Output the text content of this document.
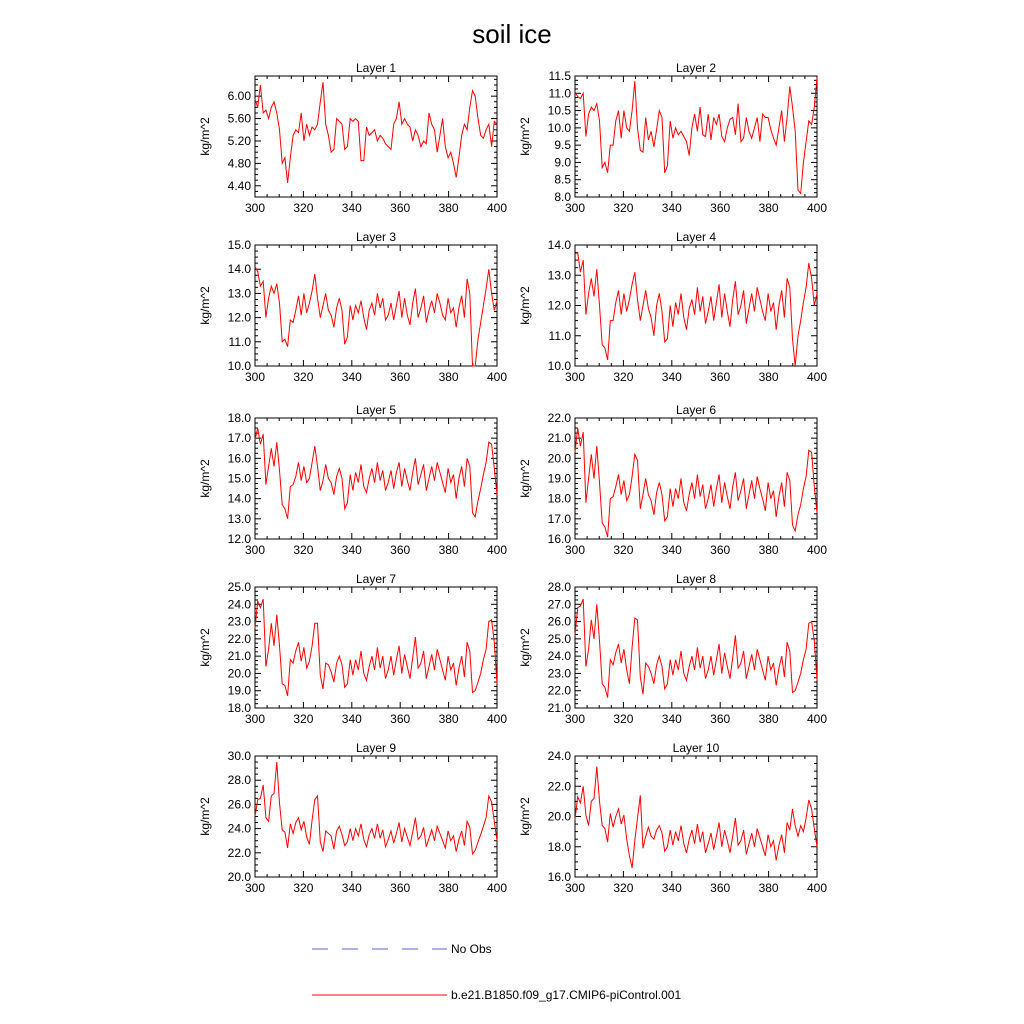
soil ice
Layer 1
300 320 340 360 380 400
4.40
4.80
5.20
5.60
6.00
kg/m^2
Layer 2
300 320 340 360 380 400
8.0
8.5
9.0
9.5
10.0
10.5
11.0
11.5
kg/m^2
Layer 3
300 320 340 360 380 400
10.0
11.0
12.0
13.0
14.0
15.0
kg/m^2
Layer 4
300 320 340 360 380 400
10.0
11.0
12.0
13.0
14.0
kg/m^2
Layer 5
300 320 340 360 380 400
12.0
13.0
14.0
15.0
16.0
17.0
18.0
kg/m^2
Layer 6
300 320 340 360 380 400
16.0
17.0
18.0
19.0
20.0
21.0
22.0
kg/m^2
Layer 7
300 320 340 360 380 400
18.0
19.0
20.0
21.0
22.0
23.0
24.0
25.0
kg/m^2
Layer 8
300 320 340 360 380 400
21.0
22.0
23.0
24.0
25.0
26.0
27.0
28.0
kg/m^2
Layer 9
300 320 340 360 380 400
20.0
22.0
24.0
26.0
28.0
30.0
kg/m^2
Layer 10
300 320 340 360 380 400
16.0
18.0
20.0
22.0
24.0
kg/m^2
No Obs
b.e21.B1850.f09_g17.CMIP6-piControl.001
